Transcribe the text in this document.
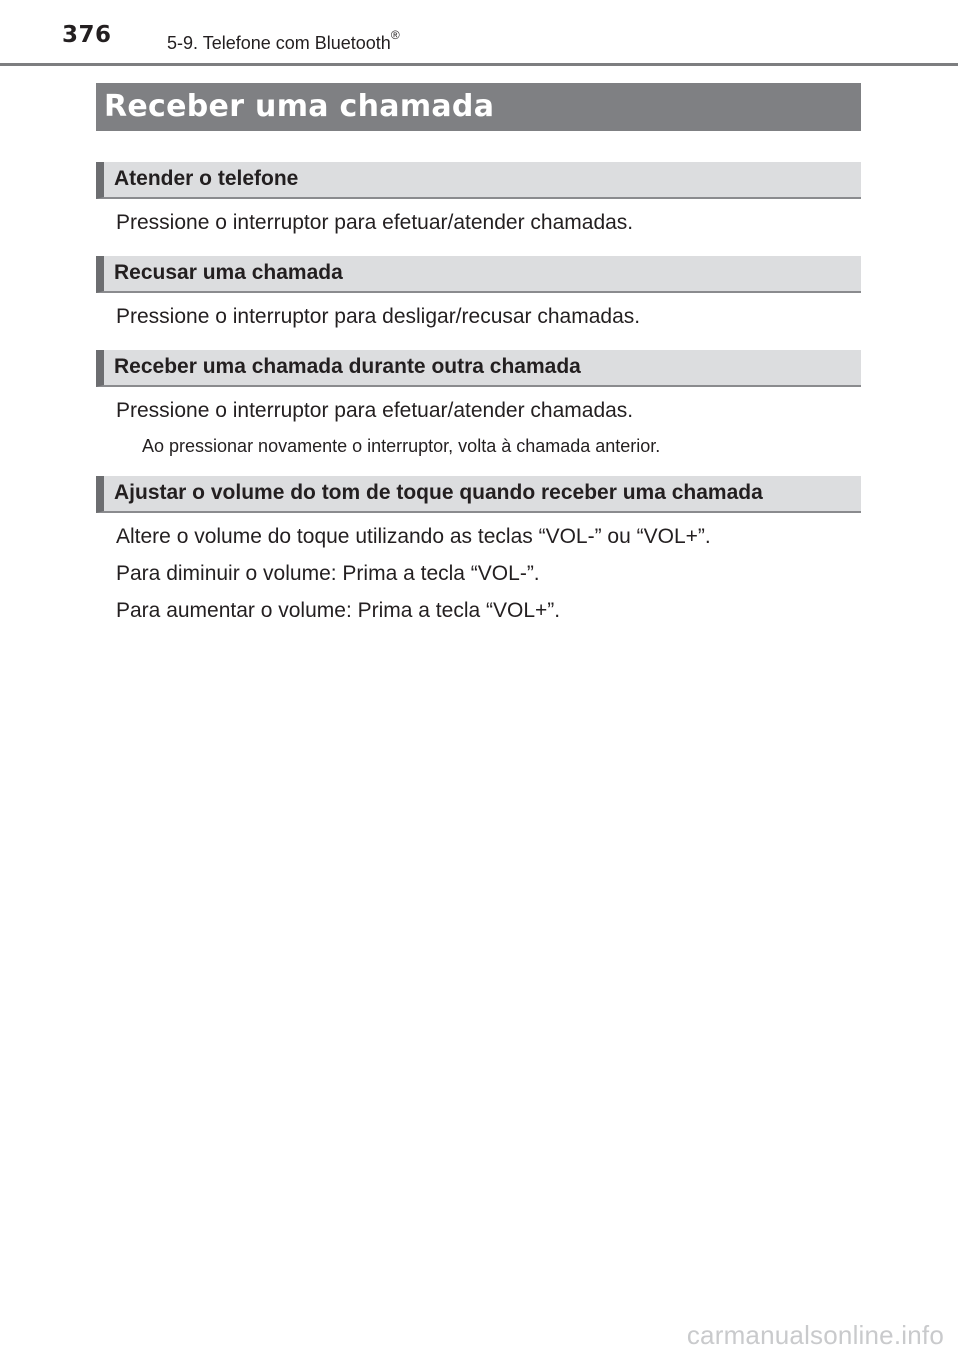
376	5-9. Telefone com Bluetooth®
Receber uma chamada
Atender o telefone
Pressione o interruptor para efetuar/atender chamadas.
Recusar uma chamada
Pressione o interruptor para desligar/recusar chamadas.
Receber uma chamada durante outra chamada
Pressione o interruptor para efetuar/atender chamadas.
Ao pressionar novamente o interruptor, volta à chamada anterior.
Ajustar o volume do tom de toque quando receber uma chamada
Altere o volume do toque utilizando as teclas “VOL-” ou “VOL+”.
Para diminuir o volume: Prima a tecla “VOL-”.
Para aumentar o volume: Prima a tecla “VOL+”.
carmanualsonline.info
